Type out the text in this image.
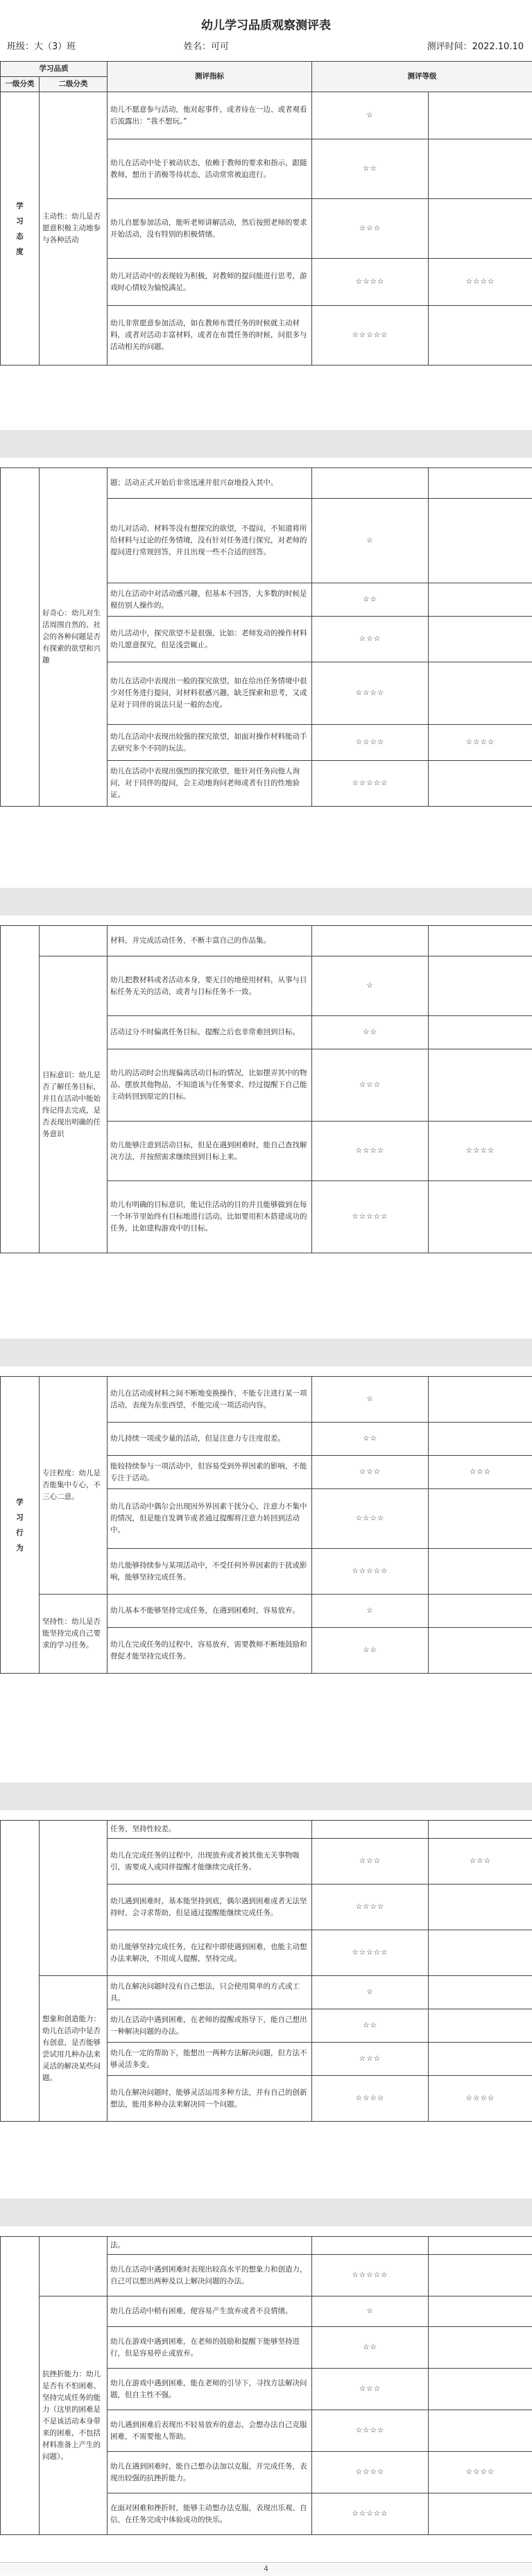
幼儿学习品质观察测评表
班级：大（3）班	姓名：可可	测评时间：2022.10.10
学习品质		测评指标	测评等级	
一级分类	二级分类			

学
习
态
度	主动性：幼儿是否愿意积极主动地参与各种活动	幼儿不愿意参与活动，他对起事件，或者待在一边、或者观看后流露出：“我不想玩。”	☆	
		幼儿在活动中处于被动状态，依赖于教师的要求和指示，跟随教师，想出于消极等待状态，活动常常被迫进行。	☆☆	
		幼儿自愿参加活动，能听老师讲解活动，然后按照老师的要求开始活动，没有特别的积极情绪。	☆☆☆	
		幼儿对活动中的表现较为积极，对教师的提问能进行思考，游戏时心情较为愉悦满足。	☆☆☆☆	☆☆☆☆
		幼儿非常愿意参加活动，如在教师布置任务的时候就主动材料，或者对活动丰富材料，或者在布置任务的时候，问很多与活动相关的问题。	☆☆☆☆☆	
	好奇心：幼儿对生活周围自然的、社会的各种问题是否有探索的欲望和兴趣	题；活动正式开始后非常迅速并很兴奋地投入其中。		
		幼儿对活动、材料等没有想探究的欲望，不提问，不知道将所给材料与过论的任务情境，没有针对任务进行探究，对老师的提问进行常规回答，并且出现一些不合适的回答。	☆	
		幼儿在活动中对活动感兴趣，但基本不回答，大多数的时候是模仿别人操作的。	☆☆	
		幼儿活动中，探究欲望不是很强，比如：老师发动的操作材料幼儿愿意探究，但是浅尝辄止。	☆☆☆	
		幼儿在活动中表现出一般的探究欲望，如在给出任务情境中很少对任务进行提问，对材料很感兴趣，缺乏探索和思考，又或是对于同伴的说法只是一般的态度。	☆☆☆☆	
		幼儿在活动中表现出较强的探究欲望，如面对操作材料能动手去研究多个不同的玩法。	☆☆☆☆	☆☆☆☆
		幼儿在活动中表现出强烈的探究欲望，能针对任务向他人询问，对于同伴的提问，会主动地询问老师或者有目的性地验证。	☆☆☆☆☆	
		材料，并完成活动任务，不断丰富自己的作品集。		
	目标意识：幼儿是否了解任务目标，并且在活动中能始终记得去完成，是否表现出明确的任务意识	幼儿把教材料或者活动本身，要无目的地使用材料，从事与目标任务无关的活动，或者与目标任务不一致。	☆	
		活动过分不时偏离任务目标，提醒之后也非常难回到目标。	☆☆	
		幼儿的活动时会出现偏离活动目标的情况，比如摆弄其中的物品、摆放其他物品，不知道该与任务要求，经过提醒下自己能主动转回到原定的目标。	☆☆☆	
		幼儿能够注意到活动目标，但是在遇到困难时，能自己查找解决方法，并按照需求继续回到目标上来。	☆☆☆☆	☆☆☆☆
		幼儿有明确的目标意识，能记住活动的目的并且能够做到在每一个环节里始终有目标地进行活动。比如要用积木搭建成功的任务，比如建构游戏中的目标。	☆☆☆☆☆	
学
习
行
为	专注程度：幼儿是否能集中专心，不三心二意。	幼儿在活动或材料之间不断地变换操作，不能专注进行某一项活动，表现为东张西望，不能完成一项活动内容。	☆	
		幼儿持续一项或少量的活动，但是注意力专注度很差。	☆☆	
		能较持续参与一项活动中，但容易受到外界因素的影响，不能专注于活动。	☆☆☆	☆☆☆
		幼儿在活动中偶尔会出现因外界因素干扰分心，注意力不集中的情况，但是能自发调节或者通过提醒将注意力转回到活动中。	☆☆☆☆	
		幼儿能够持续参与某项活动中，不受任何外界因素的干扰或影响，能够坚持完成任务。	☆☆☆☆☆	
	坚持性：幼儿是否能坚持完成自己要求的学习任务。	幼儿基本不能够坚持完成任务，在遇到困难时，容易放弃。	☆	
		幼儿在完成任务的过程中，容易放弃，需要教师不断地鼓励和督促才能坚持完成任务。	☆☆	
		任务，坚持性较差。		
		幼儿在完成任务的过程中，出现放弃或者被其他无关事物吸引，需要成人或同伴提醒才能继续完成任务。	☆☆☆	☆☆☆
		幼儿遇到困难时，基本能坚持到底，偶尔遇到困难或者无法坚持时，会寻求帮助，但是通过提醒能继续完成任务。	☆☆☆☆	
		幼儿能够坚持完成任务，在过程中即使遇到困难，也能主动想办法来解决，不用成人提醒，坚持完成。	☆☆☆☆☆	
	想象和创造能力：幼儿在活动中是否有创意，是否能够尝试用几种办法来灵活的解决某些问题。	幼儿在解决问题时没有自己想法，只会使用简单的方式或工具。	☆	
		幼儿在活动中遇到困难，在老师的提醒或指导下，能自己想出一种解决问题的办法。	☆☆	
		幼儿在一定的帮助下，能想出一两种方法解决问题，但方法不够灵活多变。	☆☆☆	
		幼儿在解决问题时，能够灵活运用多种方法，并有自己的创新想法，能用多种办法来解决同一个问题。	☆☆☆☆	☆☆☆☆
		法。		
		幼儿在活动中遇到困难时表现出较高水平的想象力和创造力，自己可以想出两种及以上解决问题的办法。	☆☆☆☆☆	
	抗挫折能力：幼儿是否有不怕困难、坚持完成任务的能力（这里的困难是不是该活动本身带来的困难，不包括材料准备上产生的问题）。	幼儿在活动中稍有困难，便容易产生放弃或者不良情绪。	☆	
		幼儿在游戏中遇到困难，在老师的鼓励和提醒下能够坚持进行，但是容易停止或放弃。	☆☆	
		幼儿在游戏中遇到困难，能在老师的引导下，寻找方法解决问题，但自主性不强。	☆☆☆	
		幼儿遇到困难后表现出不轻易放弃的意志，会想办法自己克服困难，不需要他人帮助。	☆☆☆☆	
		幼儿在遇到困难时，能自己想办法加以克服，并完成任务，表现出较强的抗挫折能力。	☆☆☆☆	☆☆☆☆
		在面对困难和挫折时，能够主动想办法克服，表现出乐观、自信，在任务完成中体验成功的快乐。	☆☆☆☆☆	
4
